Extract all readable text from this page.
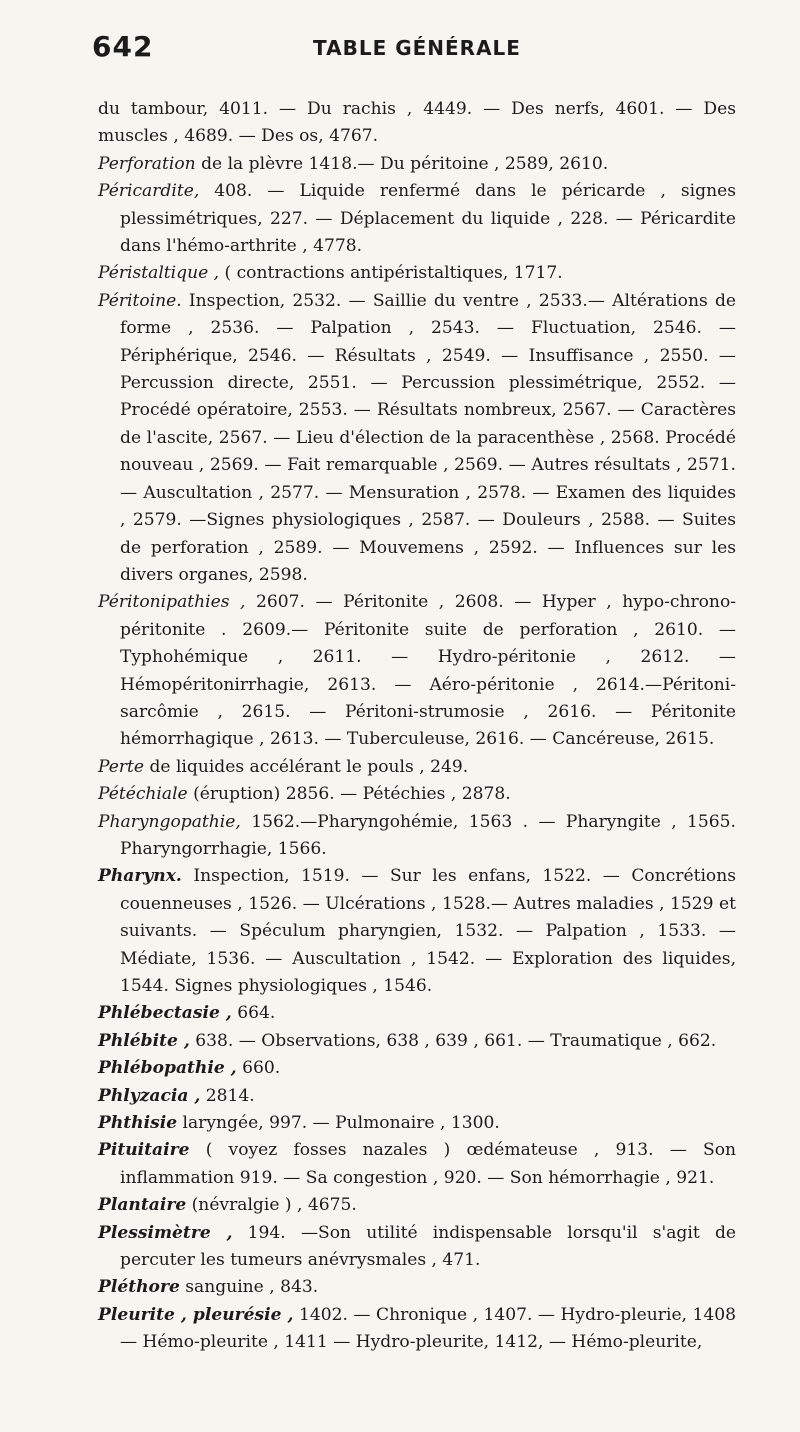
642	TABLE GÉNÉRALE

du tambour, 4011. — Du rachis , 4449. — Des nerfs, 4601. — Des muscles , 4689. — Des os, 4767.

Perforation de la plèvre 1418.— Du péritoine , 2589, 2610.

Péricardite, 408. — Liquide renfermé dans le péricarde , signes plessimétriques, 227. — Déplacement du liquide , 228. — Péricardite dans l'hémo-arthrite , 4778.

Péristaltique , ( contractions antipéristaltiques, 1717.

Péritoine. Inspection, 2532. — Saillie du ventre , 2533.— Altérations de forme , 2536. — Palpation , 2543. — Fluctuation, 2546. — Périphérique, 2546. — Résultats , 2549. — Insuffisance , 2550. — Percussion directe, 2551. — Percussion plessimétrique, 2552. — Procédé opératoire, 2553. — Résultats nombreux, 2567. — Caractères de l'ascite, 2567. — Lieu d'élection de la paracenthèse , 2568. Procédé nouveau , 2569. — Fait remarquable , 2569. — Autres résultats , 2571. — Auscultation , 2577. — Mensuration , 2578. — Examen des liquides , 2579. —Signes physiologiques , 2587. — Douleurs , 2588. — Suites de perforation , 2589. — Mouvemens , 2592. — Influences sur les divers organes, 2598.

Péritonipathies , 2607. — Péritonite , 2608. — Hyper , hypo-chrono-péritonite . 2609.— Péritonite suite de perforation , 2610. — Typhohémique , 2611. — Hydro-péritonie , 2612. — Hémopéritonirrhagie, 2613. — Aéro-péritonie , 2614.—Péritoni-sarcômie , 2615. — Péritoni-strumosie , 2616. — Péritonite hémorrhagique , 2613. — Tuberculeuse, 2616. — Cancéreuse, 2615.

Perte de liquides accélérant le pouls , 249.

Pétéchiale (éruption) 2856. — Pétéchies , 2878.

Pharyngopathie, 1562.—Pharyngohémie, 1563 . — Pharyngite , 1565. Pharyngorrhagie, 1566.

Pharynx. Inspection, 1519. — Sur les enfans, 1522. — Concrétions couenneuses , 1526. — Ulcérations , 1528.— Autres maladies , 1529 et suivants. — Spéculum pharyngien, 1532. — Palpation , 1533. — Médiate, 1536. — Auscultation , 1542. — Exploration des liquides, 1544. Signes physiologiques , 1546.

Phlébectasie , 664.

Phlébite , 638. — Observations, 638 , 639 , 661. — Traumatique , 662.

Phlébopathie , 660.

Phlyzacia , 2814.

Phthisie laryngée, 997. — Pulmonaire , 1300.

Pituitaire ( voyez fosses nazales ) œdémateuse , 913. — Son inflammation 919. — Sa congestion , 920. — Son hémorrhagie , 921.

Plantaire (névralgie ) , 4675.

Plessimètre , 194. —Son utilité indispensable lorsqu'il s'agit de percuter les tumeurs anévrysmales , 471.

Pléthore sanguine , 843.

Pleurite , pleurésie , 1402. — Chronique , 1407. — Hydro-pleurie, 1408 — Hémo-pleurite , 1411 — Hydro-pleurite, 1412, — Hémo-pleurite,
